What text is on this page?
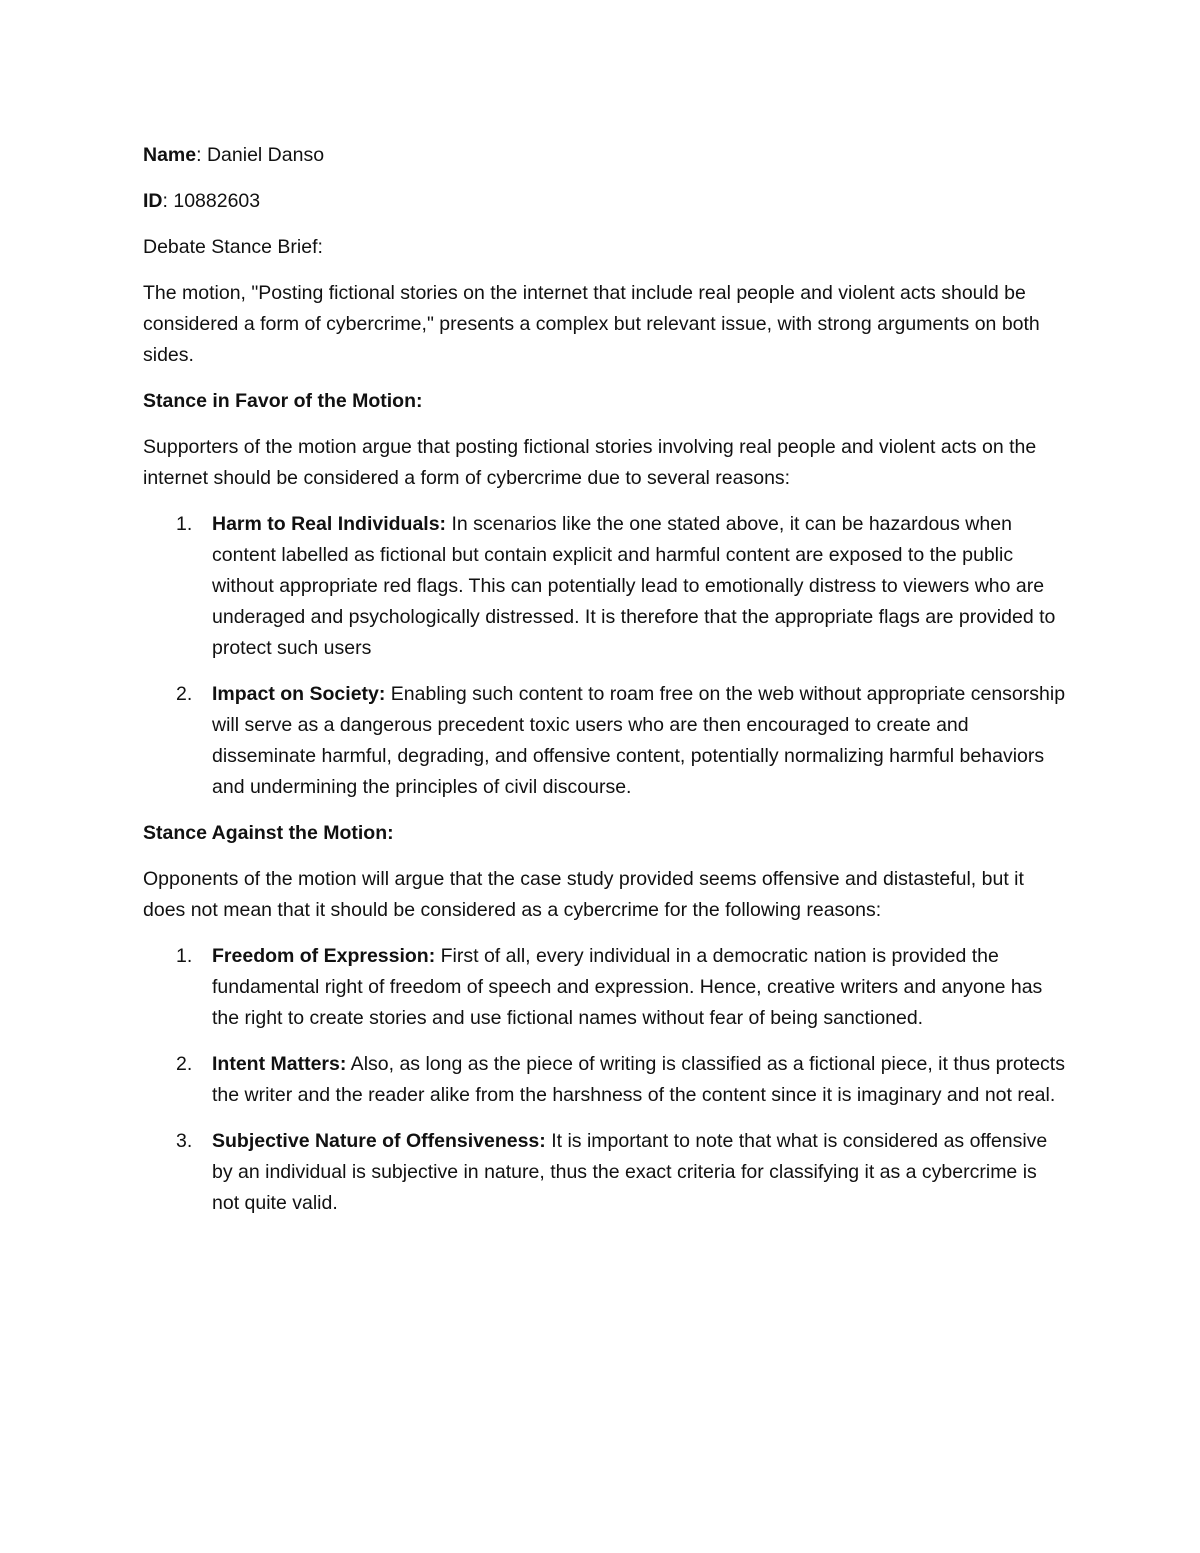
Name: Daniel Danso

ID: 10882603

Debate Stance Brief:

The motion, "Posting fictional stories on the internet that include real people and violent acts should be considered a form of cybercrime," presents a complex but relevant issue, with strong arguments on both sides.

Stance in Favor of the Motion:

Supporters of the motion argue that posting fictional stories involving real people and violent acts on the internet should be considered a form of cybercrime due to several reasons:

1. Harm to Real Individuals: In scenarios like the one stated above, it can be hazardous when content labelled as fictional but contain explicit and harmful content are exposed to the public without appropriate red flags. This can potentially lead to emotionally distress to viewers who are underaged and psychologically distressed. It is therefore that the appropriate flags are provided to protect such users
2. Impact on Society: Enabling such content to roam free on the web without appropriate censorship will serve as a dangerous precedent toxic users who are then encouraged to create and disseminate harmful, degrading, and offensive content, potentially normalizing harmful behaviors and undermining the principles of civil discourse.

Stance Against the Motion:

Opponents of the motion will argue that the case study provided seems offensive and distasteful, but it does not mean that it should be considered as a cybercrime for the following reasons:

1. Freedom of Expression: First of all, every individual in a democratic nation is provided the fundamental right of freedom of speech and expression. Hence, creative writers and anyone has the right to create stories and use fictional names without fear of being sanctioned.
2. Intent Matters: Also, as long as the piece of writing is classified as a fictional piece, it thus protects the writer and the reader alike from the harshness of the content since it is imaginary and not real.
3. Subjective Nature of Offensiveness: It is important to note that what is considered as offensive by an individual is subjective in nature, thus the exact criteria for classifying it as a cybercrime is not quite valid.
